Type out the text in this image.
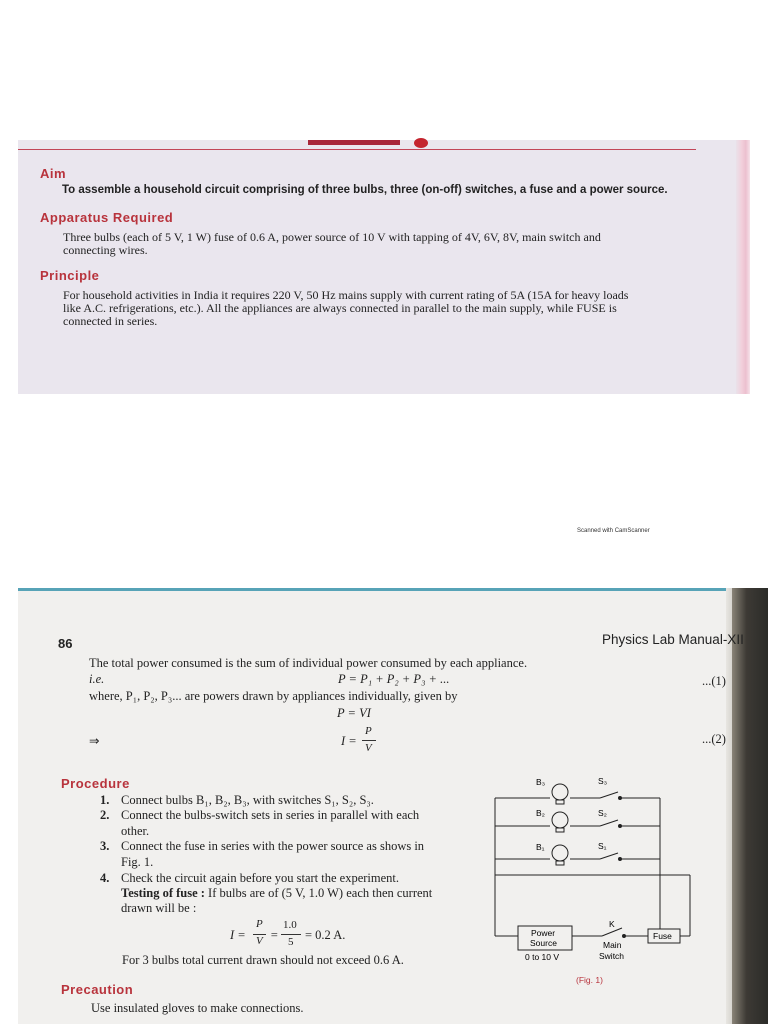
Aim
To assemble a household circuit comprising of three bulbs, three (on-off) switches, a fuse and a power source.
Apparatus Required
Three bulbs (each of 5 V, 1 W) fuse of 0.6 A, power source of 10 V with tapping of 4V, 6V, 8V, main switch and
connecting wires.
Principle
For household activities in India it requires 220 V, 50 Hz mains supply with current rating of 5A (15A for heavy loads
like A.C. refrigerations, etc.). All the appliances are always connected in parallel to the main supply, while FUSE is
connected in series.
Scanned with CamScanner
86	Physics Lab Manual-XII
The total power consumed is the sum of individual power consumed by each appliance.
i.e.	P = P₁ + P₂ + P₃ + ...	...(1)
where, P₁, P₂, P₃... are powers drawn by appliances individually, given by
P = VI
⇒	I =
P
V
...(2)
Procedure
1. Connect bulbs B₁, B₂, B₃, with switches S₁, S₂, S₃.
2. Connect the bulbs-switch sets in series in parallel with each
other.
3. Connect the fuse in series with the power source as shows in
Fig. 1.
4. Check the circuit again before you start the experiment.
Testing of fuse : If bulbs are of (5 V, 1.0 W) each then current
drawn will be :
I =
P
V =
1.0
5 = 0.2 A.
For 3 bulbs total current drawn should not exceed 0.6 A.
Precaution
Use insulated gloves to make connections.
B₃
B₂
B₁
S₃
S₂
S₁
Power
Source
0 to 10 V
K
Main
Switch
Fuse
(Fig. 1)
